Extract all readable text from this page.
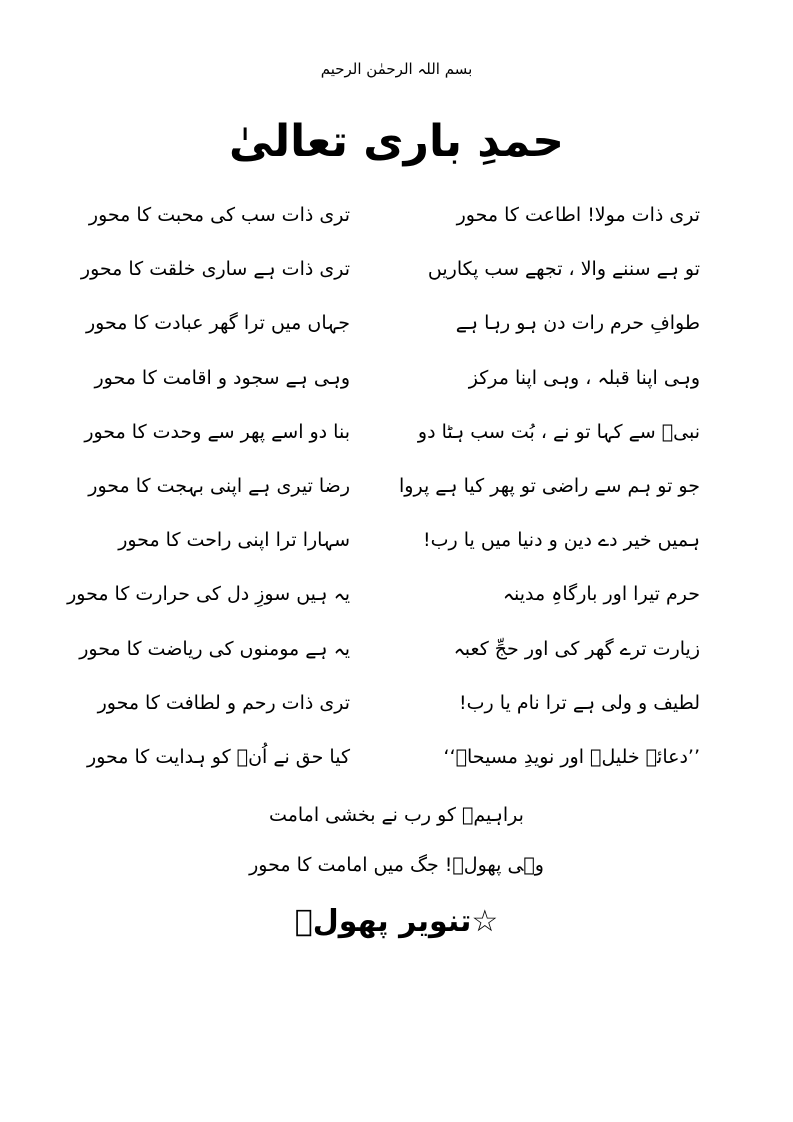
بسم اللہ الرحمٰن الرحیم
حمدِ باری تعالیٰ
تری ذات مولا! اطاعت کا محور
تری ذات سب کی محبت کا محور
تو ہے سننے والا ، تجھے سب پکاریں
تری ذات ہے ساری خلقت کا محور
طوافِ حرم رات دن ہو رہا ہے
جہاں میں ترا گھر عبادت کا محور
وہی اپنا قبلہ ، وہی اپنا مرکز
وہی ہے سجود و اقامت کا محور
نبیؐ سے کہا تو نے ، بُت سب ہٹا دو
بنا دو اسے پھر سے وحدت کا محور
جو تو ہم سے راضی تو پھر کیا ہے پروا
رضا تیری ہے اپنی بہجت کا محور
ہمیں خیر دے دین و دنیا میں یا رب!
سہارا ترا اپنی راحت کا محور
حرم تیرا اور بارگاہِ مدینہ
یہ ہیں سوزِ دل کی حرارت کا محور
زیارت ترے گھر کی اور حجِّ کعبہ
یہ ہے مومنوں کی ریاضت کا محور
لطیف و ولی ہے ترا نام یا رب!
تری ذات رحم و لطافت کا محور
’’دعائے خلیلؑ اور نویدِ مسیحاؑ‘‘
کیا حق نے اُنؐ کو ہدایت کا محور
براہیمؑ کو رب نے بخشی امامت
وہی پھولؔ! جگ میں امامت کا محور
☆تنویر پھولؔ
